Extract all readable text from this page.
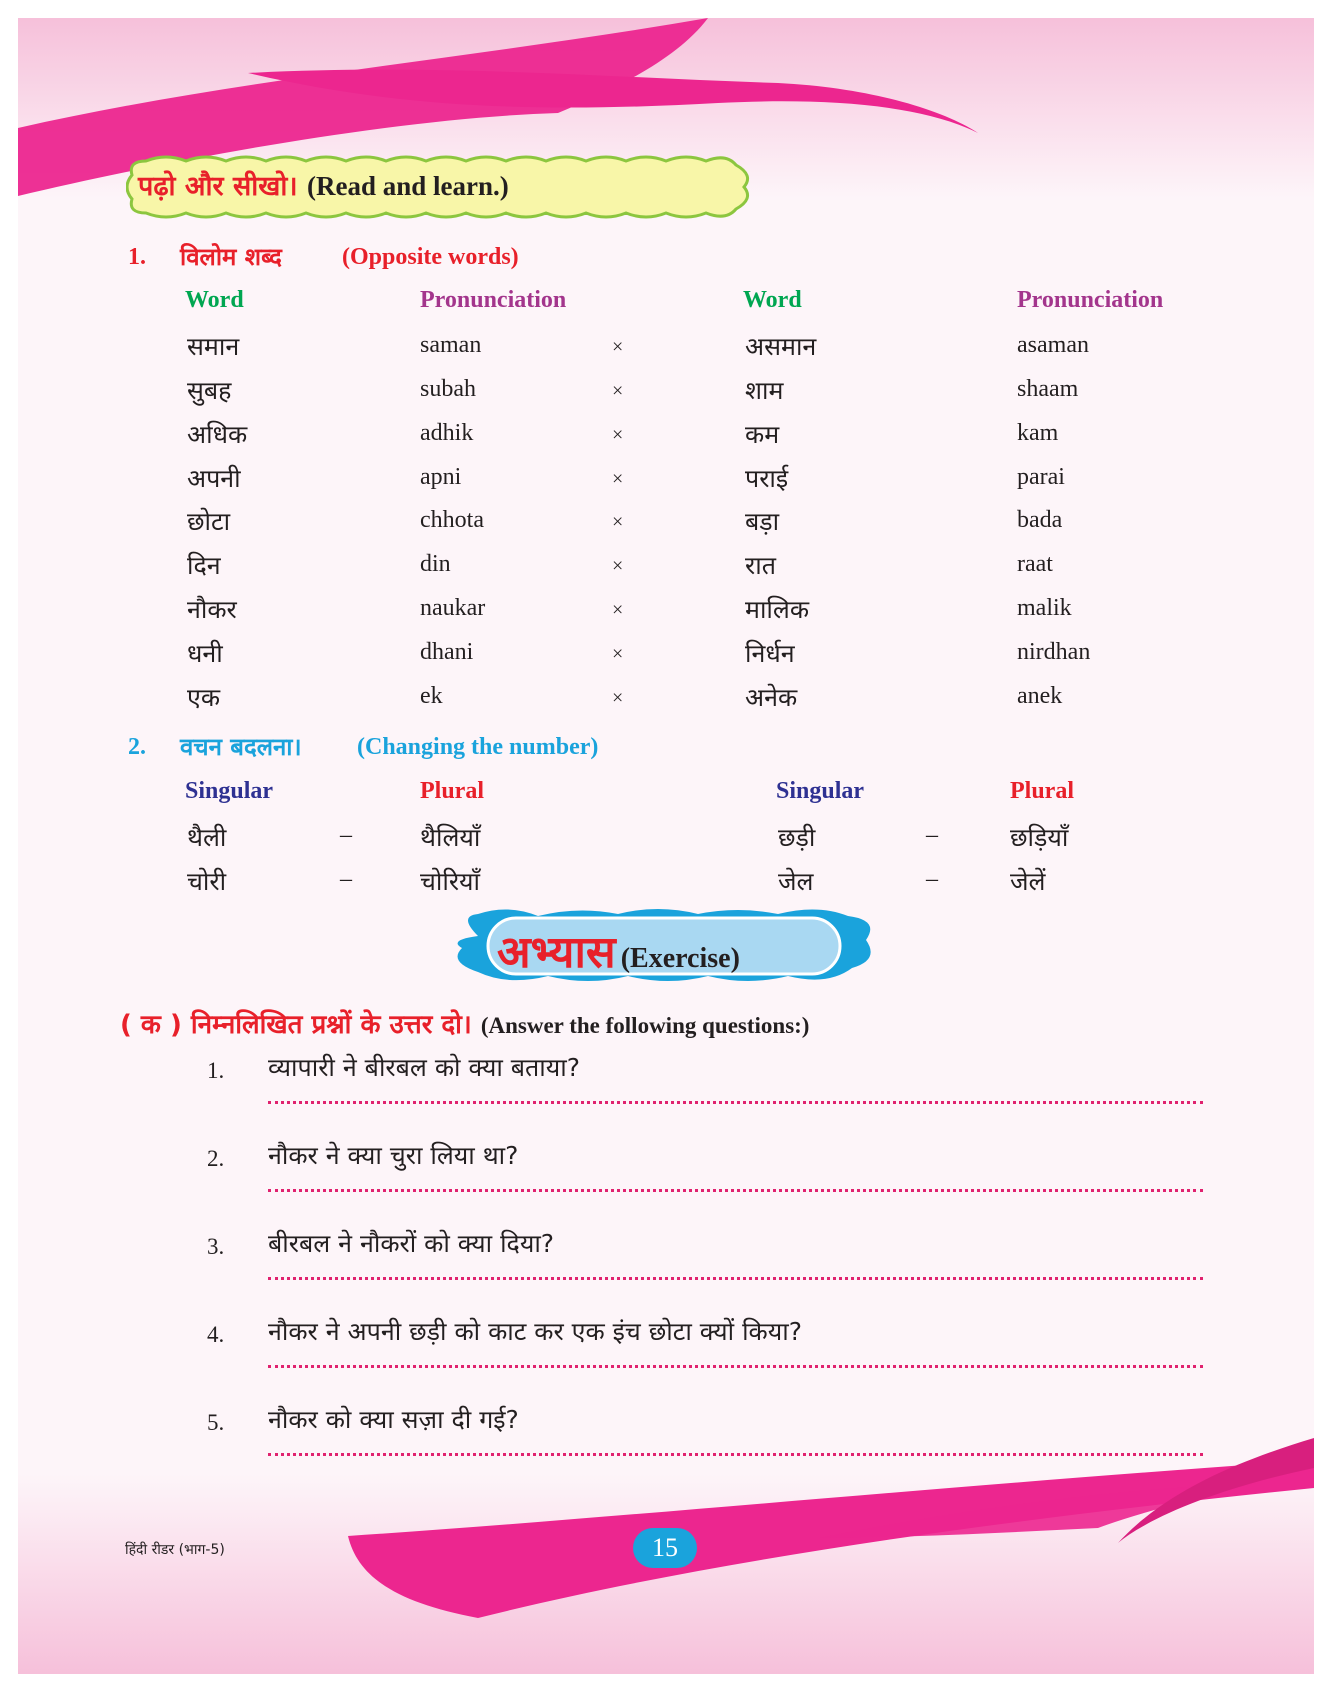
पढ़ो और सीखो। (Read and learn.)
1. विलोम शब्द	(Opposite words)
Word	Pronunciation	Word	Pronunciation
समान	saman	×	असमान	asaman
सुबह	subah	×	शाम	shaam
अधिक	adhik	×	कम	kam
अपनी	apni	×	पराई	parai
छोटा	chhota	×	बड़ा	bada
दिन	din	×	रात	raat
नौकर	naukar	×	मालिक	malik
धनी	dhani	×	निर्धन	nirdhan
एक	ek	×	अनेक	anek
2. वचन बदलना। (Changing the number)
Singular	Plural	Singular	Plural
थैली	–	थैलियाँ	छड़ी	–	छड़ियाँ
चोरी	–	चोरियाँ	जेल	–	जेलें
अभ्यास (Exercise)
( क ) निम्नलिखित प्रश्नों के उत्तर दो। (Answer the following questions:)
1. व्यापारी ने बीरबल को क्या बताया?
2. नौकर ने क्या चुरा लिया था?
3. बीरबल ने नौकरों को क्या दिया?
4. नौकर ने अपनी छड़ी को काट कर एक इंच छोटा क्यों किया?
5. नौकर को क्या सज़ा दी गई?
हिंदी रीडर (भाग-5)	15
